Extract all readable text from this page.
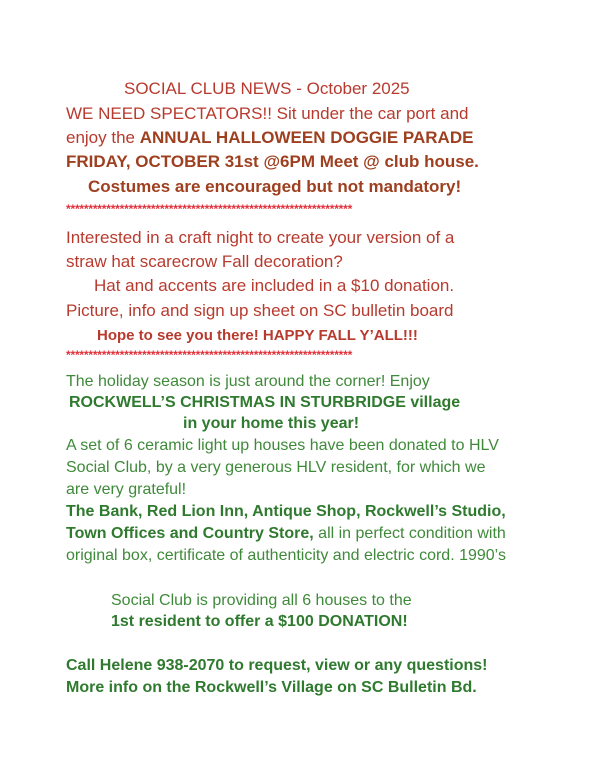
SOCIAL CLUB NEWS - October 2025
WE NEED SPECTATORS!! Sit under the car port and
enjoy the ANNUAL HALLOWEEN DOGGIE PARADE
FRIDAY, OCTOBER 31st @6PM Meet @ club house.
Costumes are encouraged but not mandatory!
****************************************************************
Interested in a craft night to create your version of a
straw hat scarecrow Fall decoration?
Hat and accents are included in a $10 donation.
Picture, info and sign up sheet on SC bulletin board
Hope to see you there! HAPPY FALL Y’ALL!!!
****************************************************************
The holiday season is just around the corner! Enjoy
ROCKWELL’S CHRISTMAS IN STURBRIDGE village
in your home this year!
A set of 6 ceramic light up houses have been donated to HLV
Social Club, by a very generous HLV resident, for which we
are very grateful!
The Bank, Red Lion Inn, Antique Shop, Rockwell’s Studio,
Town Offices and Country Store, all in perfect condition with
original box, certificate of authenticity and electric cord. 1990’s
Social Club is providing all 6 houses to the
1st resident to offer a $100 DONATION!
Call Helene 938-2070 to request, view or any questions!
More info on the Rockwell’s Village on SC Bulletin Bd.
